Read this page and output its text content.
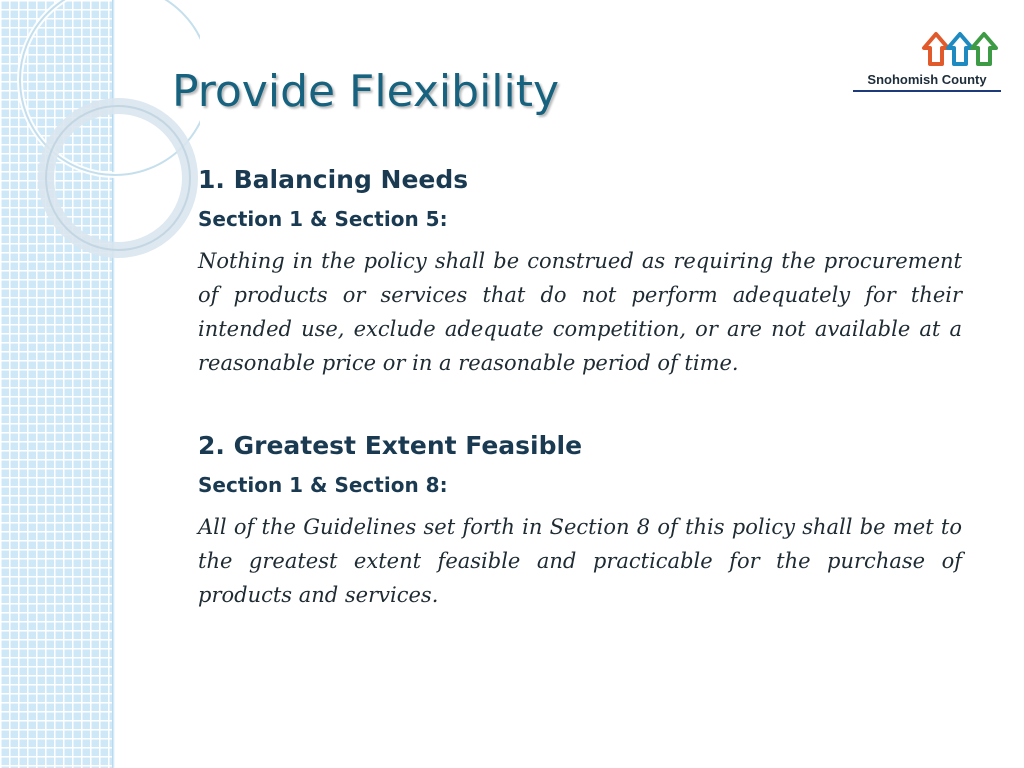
Provide Flexibility	Snohomish County

1. Balancing Needs

Section 1 & Section 5:

Nothing in the policy shall be construed as requiring the procurement of products or services that do not perform adequately for their intended use, exclude adequate competition, or are not available at a reasonable price or in a reasonable period of time.

2. Greatest Extent Feasible

Section 1 & Section 8:

All of the Guidelines set forth in Section 8 of this policy shall be met to the greatest extent feasible and practicable for the purchase of products and services.
